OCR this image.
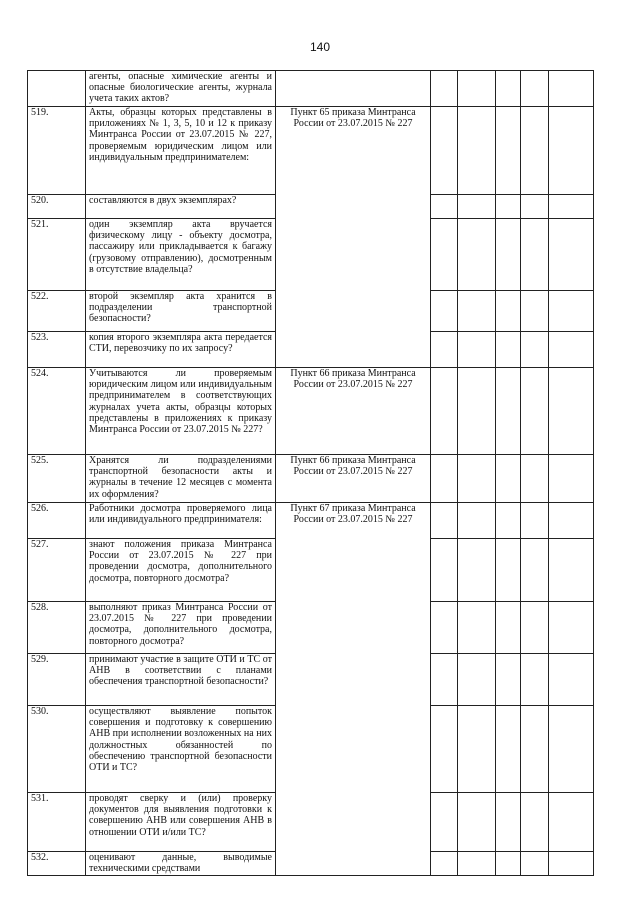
140
	агенты, опасные химические агенты и опасные биологические агенты, журнала учета таких актов?						
519.	Акты, образцы которых представлены в приложениях № 1, 3, 5, 10 и 12 к приказу Минтранса России от 23.07.2015 № 227, проверяемым юридическим лицом или индивидуальным предпринимателем:	Пункт 65 приказа Минтранса России от 23.07.2015 № 227					

520.	составляются в двух экземплярах?						
521.	один экземпляр акта вручается физическому лицу - объекту досмотра, пассажиру или прикладывается к багажу (грузовому отправлению), досмотренным в отсутствие владельца?						
522.	второй экземпляр акта хранится в подразделении транспортной безопасности?						
523.	копия второго экземпляра акта передается СТИ, перевозчику по их запросу?						
524.	Учитываются ли проверяемым юридическим лицом или индивидуальным предпринимателем в соответствующих журналах учета акты, образцы которых представлены в приложениях к приказу Минтранса России от 23.07.2015 № 227?	Пункт 66 приказа Минтранса России от 23.07.2015 № 227					

525.	Хранятся ли подразделениями транспортной безопасности акты и журналы в течение 12 месяцев с момента их оформления?	Пункт 66 приказа Минтранса России от 23.07.2015 № 227					

526.	Работники досмотра проверяемого лица или индивидуального предпринимателя:	Пункт 67 приказа Минтранса России от 23.07.2015 № 227					

527.	знают положения приказа Минтранса России от 23.07.2015 № 227 при проведении досмотра, дополнительного досмотра, повторного досмотра?						
528.	выполняют приказ Минтранса России от 23.07.2015 № 227 при проведении досмотра, дополнительного досмотра, повторного досмотра?						
529.	принимают участие в защите ОТИ и ТС от АНВ в соответствии с планами обеспечения транспортной безопасности?						
530.	осуществляют выявление попыток совершения и подготовку к совершению АНВ при исполнении возложенных на них должностных обязанностей по обеспечению транспортной безопасности ОТИ и ТС?						
531.	проводят сверку и (или) проверку документов для выявления подготовки к совершению АНВ или совершения АНВ в отношении ОТИ и/или ТС?						
532.	оценивают данные, выводимые техническими средствами						
